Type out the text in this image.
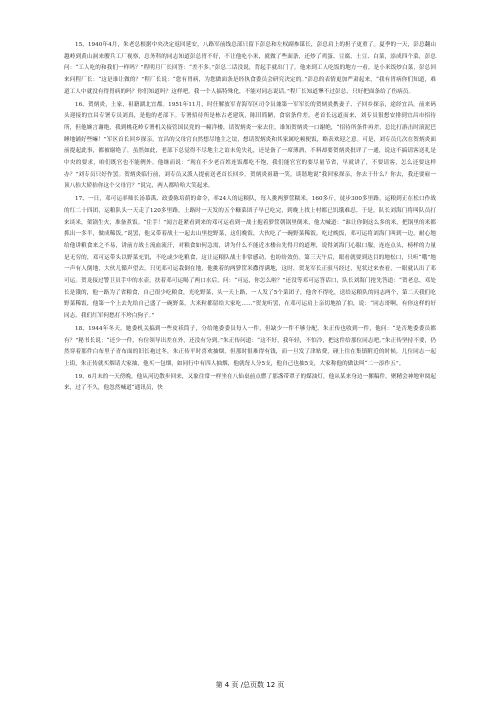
15、1940年4月，朱老总根据中央决定返回延安，八路军前线总部只留下彭总和左权副参谋长，彭总肩上的担子更重了。夏季的一天，彭总翻山越岭到黄山洞来艘兵工厂视察，总务科的同志知道彭总胃不好，不让他吃小米，就做了些面条，还炒了鸡蛋、豆腐、土豆、白菜，添成四个菜，彭总问：“工人吃的和我们一样吗？”程明月厂长回答：“差不多。”彭总二话没说，背起手就出门了。他来到工人吃饭的地方一看，是小米饭炒白菜，彭总回来问程厂长：“这是谁让做的？”程厂长说：“您有胃病，为您做面条是经执食委员会研究决定的。”彭总的表情更加严肃起来，“我有胃病你们知道，难道工人中就没有得胃病的吗？你们知道吗？这样吧，我一个人搞特殊化，不能对同志说话。”程厂长知道犟不过彭总，只好把面条给了伤病员。

16、贺炳炎，土家，祖籍湖北宜都。1951年11月，时任解放军青海军区司令员兼第一军军长的贺炳炎携妻子、子回乡探亲，途经宜昌。前来码头迎接的宜昌专署专员刘真，是他的老部下。专署招待所是栋古老建筑，陈旧简陋，食宿条件差。老首长远道而来，刘专员很想安排到宜昌市招待所，但他婉言谢绝，我到桃花岭专署机关接管国民党的一幢洋楼，请贺炳炎一家去住，谁知贺炳炎一口谢绝，“招待所条件再差，总比打游击时滚泥巴睡地铺好些嘛！”军区首长回乡探亲，宜昌的父母官自然想尽地主之谊，想请贺炳炎和其家属吃顿便饭，略表欢迎之意。可是，刘专员几次在贺炳炎面前提起此事，都被谢绝了，虽然如此，老部下总觉得不尽地主之谊未免失礼，还是备了一席薄酒，不料却要贺炳炎批评了一通，说这不搞请客送礼是中央的要求，咱们既官也不能例外。他继而说：“现在不少老百姓连饭都吃不饱，我们能官官的要尽量节省，早就讲了，不要请客，怎么还要这样办？”刘专员只好作罢。贺炳炎临行前，刘专员又派人提前送老首长回乡。贺炳炎祖籍一笑，谈谐地说“我回家探亲，你去干什么？你去，我还要雇一顶八抬大轿抬你这个父母官？”说完，两人都哈哈大笑起来。

17、一日，邓可运率师长汤慕禹、政委陈培荫的命令，率24人的运粮队，每人挑两箩筐糯米，160多斤，徒步300多里路，运粮到正在松口作战的红二十四团，运粮队头一天走了120多里路，上路时一天发的五个糠菜团子早已吃完，到晚上找上村都已饥饿难忍。于是，队长刘海门将叫队员打来谈米，架锅生火，准备煮饭。“住手！”闻言赶紧看到来的邓可运看到一战士抱着箩筐朝锅里倒米，他大喊道：“谁让你倒这么多的米，把锅里的米都抓出一多半，做成稀饭。”说罢，他又带着战士一起去山里挖野菜，这们晚饭，大伙吃了一碗野菜稀饭。吃过晚饭，邓可运将刘海门叫到一边，耐心地给他讲粮食来之不易，讲前方战士流血流汗，对粮食如何急需，讲为什么不能近水楼台先得月的道理，说得刘海门心服口服，连连点头，榜样的力量是无穷的，邓可运带头以野菜充饥，不吃或少吃粮食，这让运粮队战士非常感动，也纷纷效仿。第三天午后，眼看就要到达目的地松口，只听“哦”地一声有人倒地，大伙儿循声望去，只见邓可运栽倒在地，他挑着的两箩筐米撒得满地，这时，贺龙军长正驭马经过，见状过来查看，一眼就认出了邓可运。贺龙接过警卫员手中的水壶，扶着邓可运喝了两口水后，问：“可运，你怎么啦？”还没等邓可运答话口，队长刘海门抢先答道：“贺老总，邓处长是饿的，他一路为了省粮食，自己很少吃粮食，光吃野菜，头一天上路，一人发了5个菜团子，他舍不得吃，送给运粮队的同志两个，第二天我们吃野菜稀饭，他第一个上去先给自己盛了一碗野菜，大米粒都留给大家吃……”贺龙听罢，在邓可运肩上亲切地拍了拍，说：“同志哥啊，有你这样的好同志，我们红军何愁打不垮白狗子。”

18、1944年冬天，她委机关搞到一些皮袄筒子，分给地委委员每人一件，但缺少一件不够分配，朱正传也收到一件，他问：“是否地委委员都有？”秘书长说：“还少一件，有位领导出差在外，还没有分到。”朱正传问道：“这不好，我年轻，不怕冷，把这件给那位同志吧。”朱正传坚持不要，仍然穿着那件白布里子青布面的旧长袍过冬，朱正传平时喜欢抽烟，但那时很难得有钱，而一旦发了津贴费，碰上往在集镇附近的时候，几位同志一起上街，朱正传就买烟请大家抽，他买一包烟，如同行中有四人抽烟，他就每人分5支，他自己也抽5支，大家称他的做法叫“二一添作五”。

19、6月末的一天傍晚，他从河边散步回来，又象往常一样坐在八仙桌前点燃了那盏带罩子的煤油灯，他从某来身边一摞稿件，聚精会神地审阅起来，过了不久，他忽然喊道“通讯员，快

第 4 页 /总页数 12 页
